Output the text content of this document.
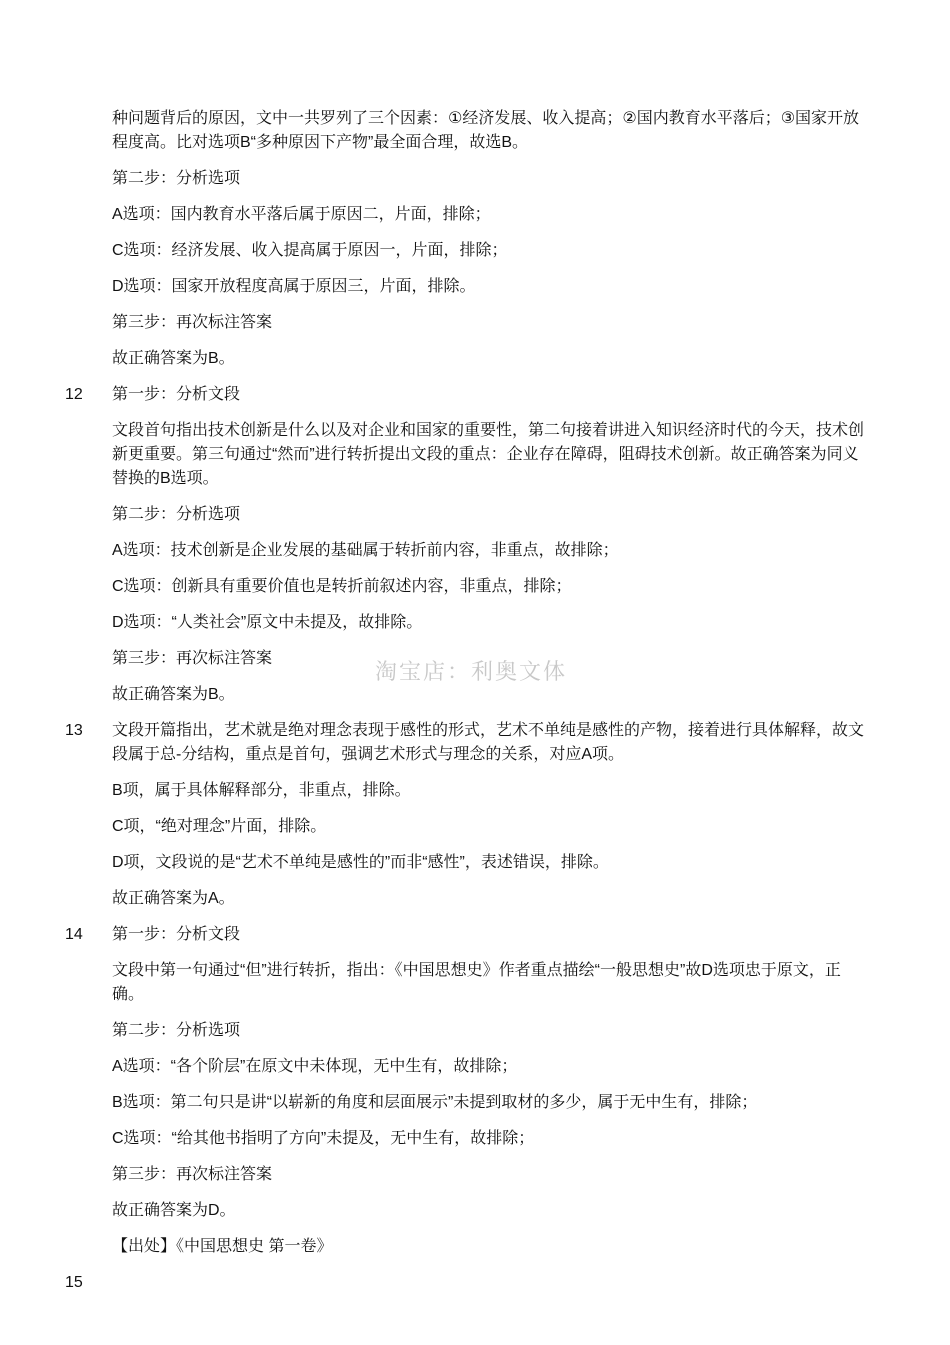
种问题背后的原因，文中一共罗列了三个因素：①经济发展、收入提高；②国内教育水平落后；③国家开放程度高。比对选项B“多种原因下产物”最全面合理，故选B。
第二步：分析选项
A选项：国内教育水平落后属于原因二，片面，排除；
C选项：经济发展、收入提高属于原因一，片面，排除；
D选项：国家开放程度高属于原因三，片面，排除。
第三步：再次标注答案
故正确答案为B。
12 第一步：分析文段
文段首句指出技术创新是什么以及对企业和国家的重要性，第二句接着讲进入知识经济时代的今天，技术创新更重要。第三句通过“然而”进行转折提出文段的重点：企业存在障碍，阻碍技术创新。故正确答案为同义替换的B选项。
第二步：分析选项
A选项：技术创新是企业发展的基础属于转折前内容，非重点，故排除；
C选项：创新具有重要价值也是转折前叙述内容，非重点，排除；
D选项：“人类社会”原文中未提及，故排除。
第三步：再次标注答案
故正确答案为B。
13 文段开篇指出，艺术就是绝对理念表现于感性的形式，艺术不单纯是感性的产物，接着进行具体解释，故文段属于总-分结构，重点是首句，强调艺术形式与理念的关系，对应A项。
B项，属于具体解释部分，非重点，排除。
C项，“绝对理念”片面，排除。
D项，文段说的是“艺术不单纯是感性的”而非“感性”，表述错误，排除。
故正确答案为A。
14 第一步：分析文段
文段中第一句通过“但”进行转折，指出：《中国思想史》作者重点描绘“一般思想史”故D选项忠于原文，正确。
第二步：分析选项
A选项：“各个阶层”在原文中未体现，无中生有，故排除；
B选项：第二句只是讲“以崭新的角度和层面展示”未提到取材的多少，属于无中生有，排除；
C选项：“给其他书指明了方向”未提及，无中生有，故排除；
第三步：再次标注答案
故正确答案为D。
【出处】《中国思想史 第一卷》
15
淘宝店：利奥文体
